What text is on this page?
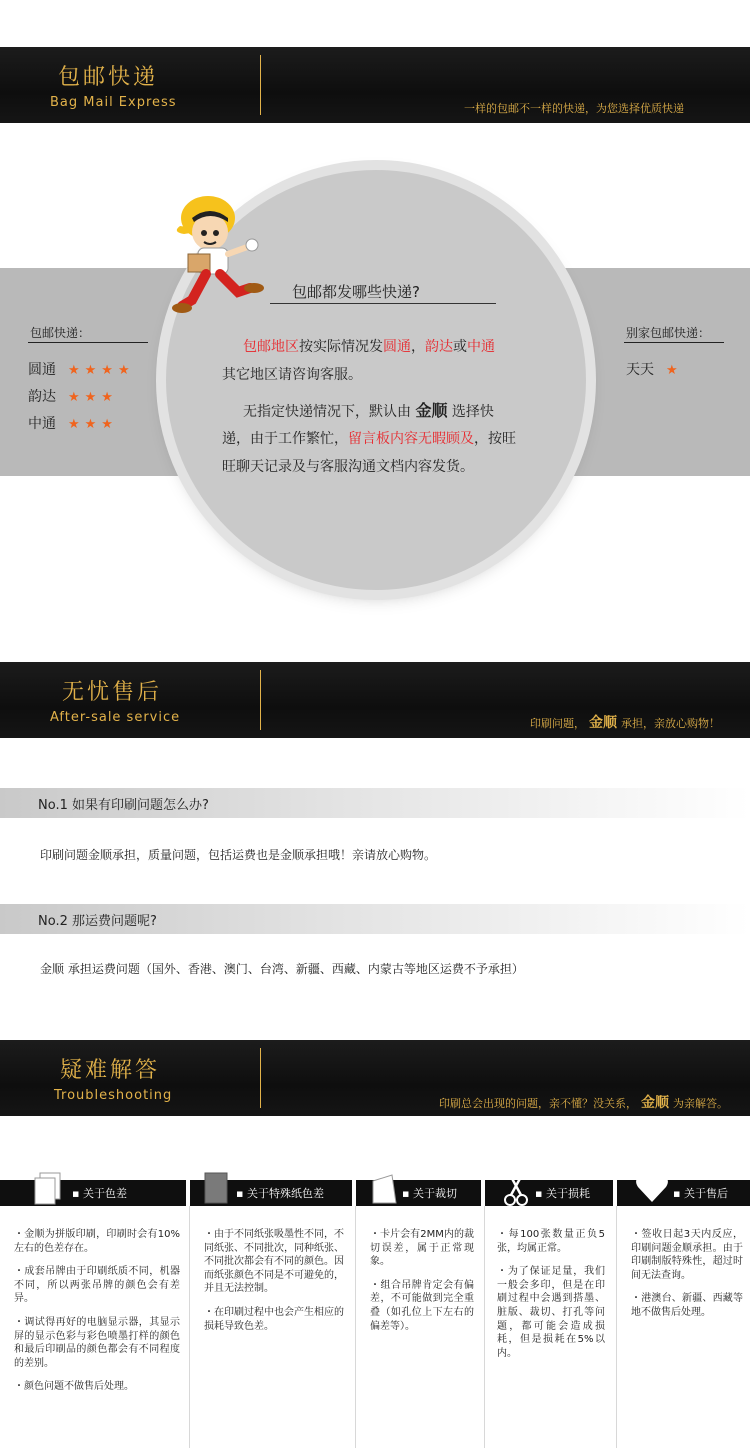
包邮快递
Bag Mail Express	一样的包邮不一样的快递，为您选择优质快递
包邮都发哪些快递?
包邮地区按实际情况发圆通，韵达或中通
其它地区请咨询客服。
无指定快递情况下，默认由 金顺 选择快
递，由于工作繁忙，留言板内容无暇顾及，按旺
旺聊天记录及与客服沟通文档内容发货。
包邮快递：
圆通 ★★★★
韵达 ★★★
中通 ★★★
别家包邮快递：
天天 ★
无忧售后
After-sale service	印刷问题， 金顺 承担，亲放心购物！
No.1 如果有印刷问题怎么办?
印刷问题金顺承担，质量问题，包括运费也是金顺承担哦！亲请放心购物。
No.2 那运费问题呢?
金顺 承担运费问题（国外、香港、澳门、台湾、新疆、西藏、内蒙古等地区运费不予承担）
疑难解答
Troubleshooting
印刷总会出现的问题，亲不懂？没关系， 金顺 为亲解答。
▪ 关于色差	▪ 关于特殊纸色差	▪ 关于裁切	▪ 关于损耗	▪ 关于售后

・金顺为拼版印刷，印刷时会有10%左右的色差存在。

・成套吊牌由于印刷纸质不同，机器不同，所以两张吊牌的颜色会有差异。

・调试得再好的电脑显示器，其显示屏的显示色彩与彩色喷墨打样的颜色和最后印刷品的颜色都会有不同程度的差别。

・颜色问题不做售后处理。

・由于不同纸张吸墨性不同，不同纸张、不同批次，同种纸张、不同批次都会有不同的颜色。因而纸张颜色不同是不可避免的，并且无法控制。

・在印刷过程中也会产生相应的损耗导致色差。

・卡片会有2MM内的裁切误差，属于正常现象。

・组合吊牌肯定会有偏差，不可能做到完全重叠（如孔位上下左右的偏差等）。

・每100张数量正负5张，均属正常。

・为了保证足量，我们一般会多印，但是在印刷过程中会遇到搭墨、脏版、裁切、打孔等问题，都可能会造成损耗，但是损耗在5%以内。

・签收日起3天内反应，印刷问题金顺承担。由于印刷制版特殊性，超过时间无法查询。

・港澳台、新疆、西藏等地不做售后处理。
